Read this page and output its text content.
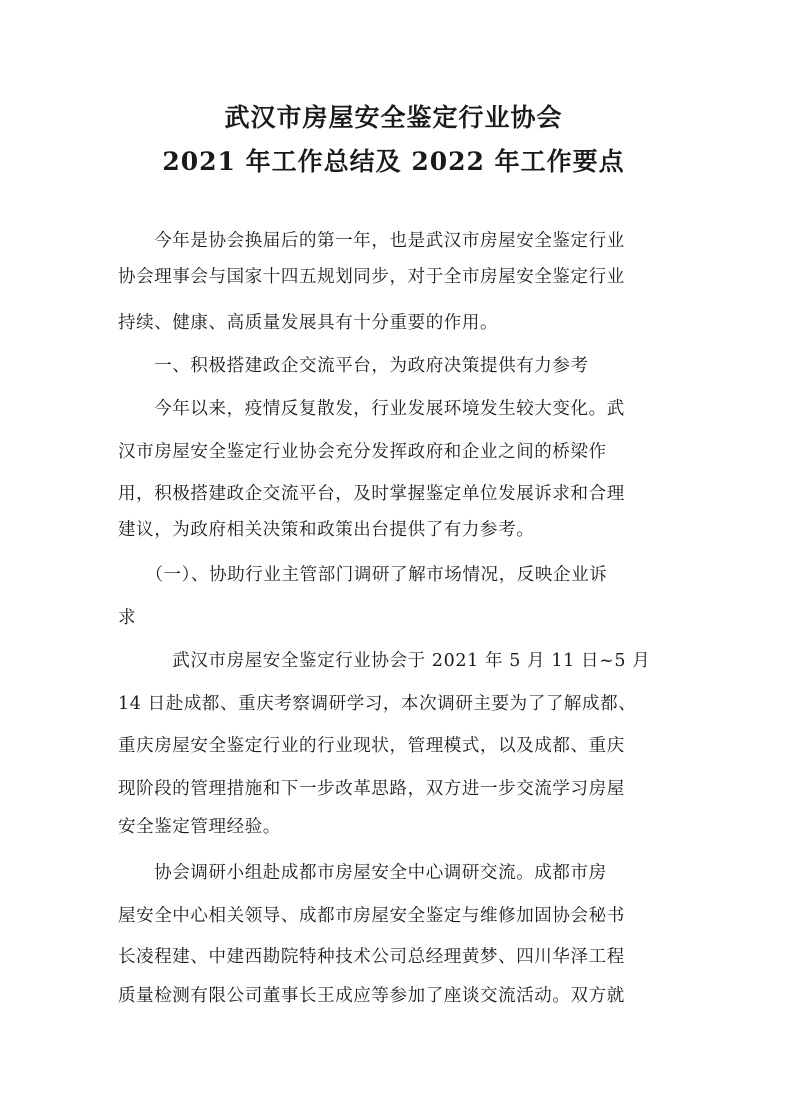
武汉市房屋安全鉴定行业协会
2021 年工作总结及 2022 年工作要点
　　今年是协会换届后的第一年，也是武汉市房屋安全鉴定行业
协会理事会与国家十四五规划同步，对于全市房屋安全鉴定行业
持续、健康、高质量发展具有十分重要的作用。
　　一、积极搭建政企交流平台，为政府决策提供有力参考
　　今年以来，疫情反复散发，行业发展环境发生较大变化。武
汉市房屋安全鉴定行业协会充分发挥政府和企业之间的桥梁作
用，积极搭建政企交流平台，及时掌握鉴定单位发展诉求和合理
建议，为政府相关决策和政策出台提供了有力参考。
　　（一）、协助行业主管部门调研了解市场情况，反映企业诉
求
　　　武汉市房屋安全鉴定行业协会于 2021 年 5 月 11 日~5 月
14 日赴成都、重庆考察调研学习，本次调研主要为了了解成都、
重庆房屋安全鉴定行业的行业现状，管理模式，以及成都、重庆
现阶段的管理措施和下一步改革思路，双方进一步交流学习房屋
安全鉴定管理经验。
　　协会调研小组赴成都市房屋安全中心调研交流。成都市房
屋安全中心相关领导、成都市房屋安全鉴定与维修加固协会秘书
长凌程建、中建西勘院特种技术公司总经理黄梦、四川华泽工程
质量检测有限公司董事长王成应等参加了座谈交流活动。双方就
